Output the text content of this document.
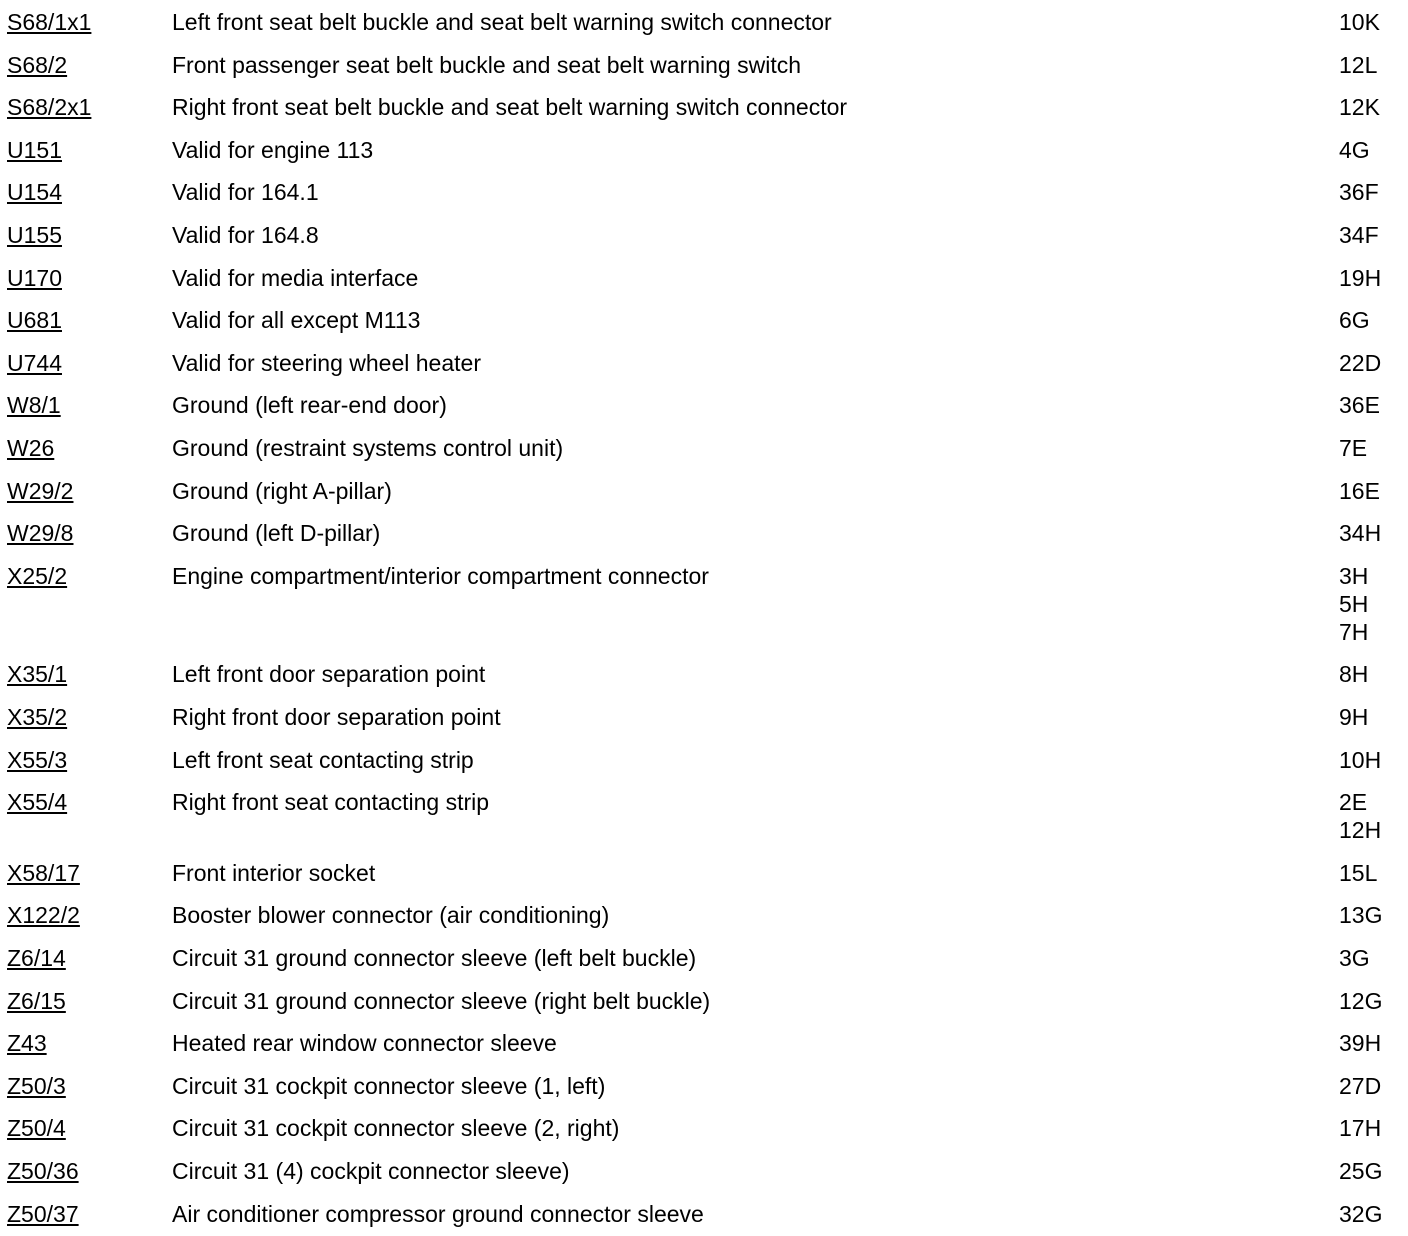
S68/1x1	Left front seat belt buckle and seat belt warning switch connector	10K
S68/2	Front passenger seat belt buckle and seat belt warning switch	12L
S68/2x1	Right front seat belt buckle and seat belt warning switch connector	12K
U151	Valid for engine 113	4G
U154	Valid for 164.1	36F
U155	Valid for 164.8	34F
U170	Valid for media interface	19H
U681	Valid for all except M113	6G
U744	Valid for steering wheel heater	22D
W8/1	Ground (left rear-end door)	36E
W26	Ground (restraint systems control unit)	7E
W29/2	Ground (right A-pillar)	16E
W29/8	Ground (left D-pillar)	34H
X25/2	Engine compartment/interior compartment connector	3H
5H
7H
X35/1	Left front door separation point	8H
X35/2	Right front door separation point	9H
X55/3	Left front seat contacting strip	10H
X55/4	Right front seat contacting strip	2E
12H
X58/17	Front interior socket	15L
X122/2	Booster blower connector (air conditioning)	13G
Z6/14	Circuit 31 ground connector sleeve (left belt buckle)	3G
Z6/15	Circuit 31 ground connector sleeve (right belt buckle)	12G
Z43	Heated rear window connector sleeve	39H
Z50/3	Circuit 31 cockpit connector sleeve (1, left)	27D
Z50/4	Circuit 31 cockpit connector sleeve (2, right)	17H
Z50/36	Circuit 31 (4) cockpit connector sleeve)	25G
Z50/37	Air conditioner compressor ground connector sleeve	32G
